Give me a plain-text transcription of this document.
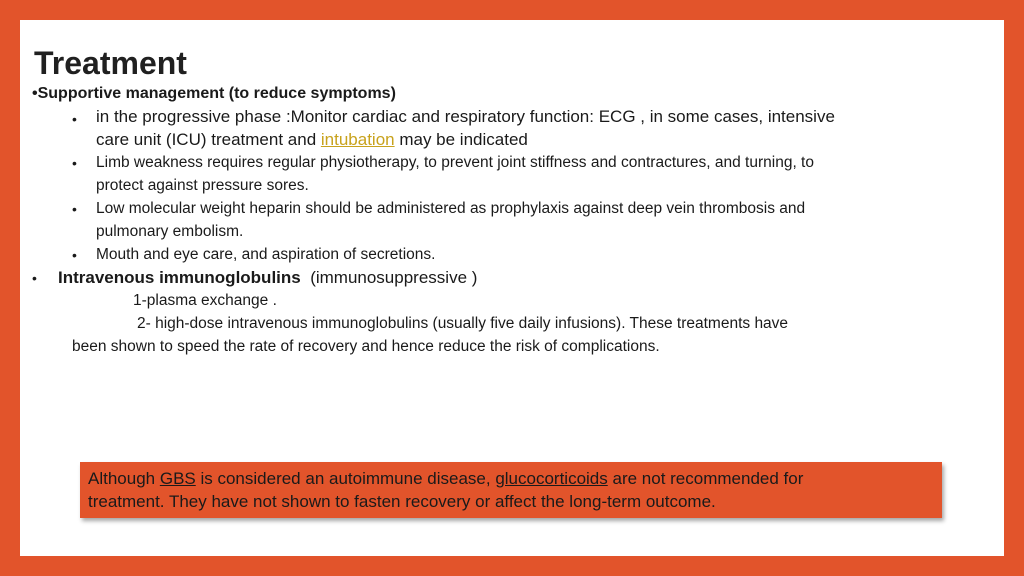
Treatment
•Supportive management (to reduce symptoms)
• in the progressive phase :Monitor cardiac and respiratory function: ECG , in some cases, intensive
care unit (ICU) treatment and intubation may be indicated
• Limb weakness requires regular physiotherapy, to prevent joint stiffness and contractures, and turning, to
protect against pressure sores.
• Low molecular weight heparin should be administered as prophylaxis against deep vein thrombosis and
pulmonary embolism.
• Mouth and eye care, and aspiration of secretions.
• Intravenous immunoglobulins (immunosuppressive )
1-plasma exchange .
2- high-dose intravenous immunoglobulins (usually five daily infusions). These treatments have
been shown to speed the rate of recovery and hence reduce the risk of complications.
Although GBS is considered an autoimmune disease, glucocorticoids are not recommended for
treatment. They have not shown to fasten recovery or affect the long-term outcome.
